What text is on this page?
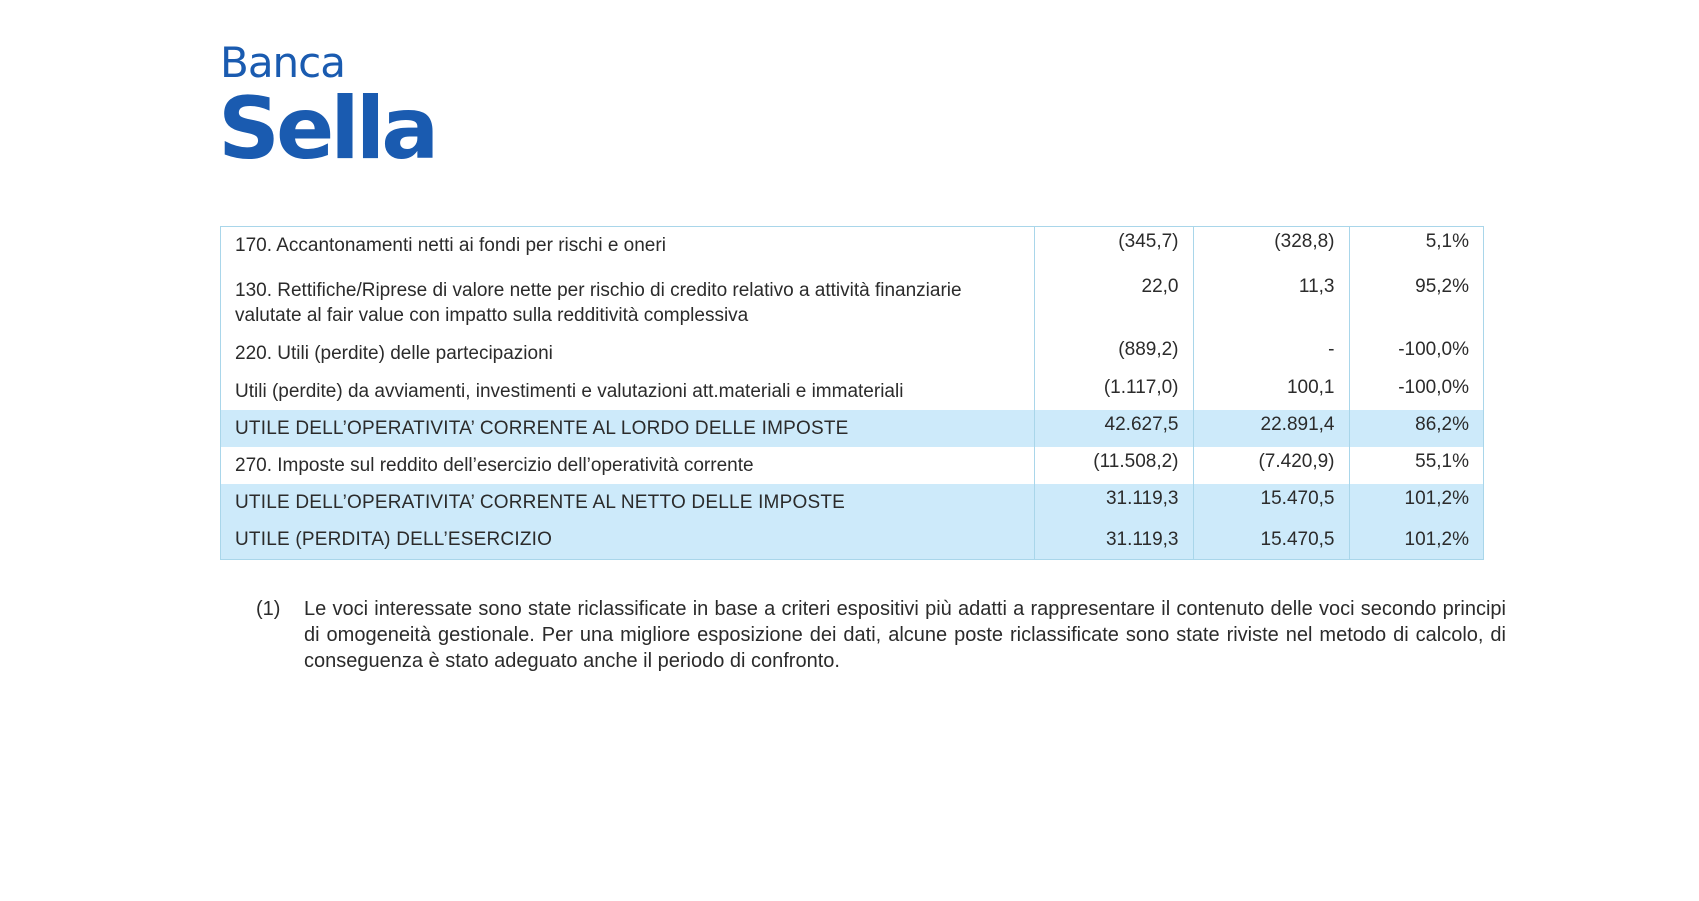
Banca
Sella
170. Accantonamenti netti ai fondi per rischi e oneri	(345,7)	(328,8)	5,1%
130. Rettifiche/Riprese di valore nette per rischio di credito relativo a attività finanziarie valutate al fair value con impatto sulla redditività complessiva	22,0	11,3	95,2%
220. Utili (perdite) delle partecipazioni	(889,2)	-	-100,0%
Utili (perdite) da avviamenti, investimenti e valutazioni att.materiali e immateriali	(1.117,0)	100,1	-100,0%
UTILE DELL’OPERATIVITA’ CORRENTE AL LORDO DELLE IMPOSTE	42.627,5	22.891,4	86,2%
270. Imposte sul reddito dell’esercizio dell’operatività corrente	(11.508,2)	(7.420,9)	55,1%
UTILE DELL’OPERATIVITA’ CORRENTE AL NETTO DELLE IMPOSTE	31.119,3	15.470,5	101,2%
UTILE (PERDITA) DELL’ESERCIZIO	31.119,3	15.470,5	101,2%
(1) Le voci interessate sono state riclassificate in base a criteri espositivi più adatti a rappresentare il contenuto delle voci secondo principi di omogeneità gestionale. Per una migliore esposizione dei dati, alcune poste riclassificate sono state riviste nel metodo di calcolo, di conseguenza è stato adeguato anche il periodo di confronto.
